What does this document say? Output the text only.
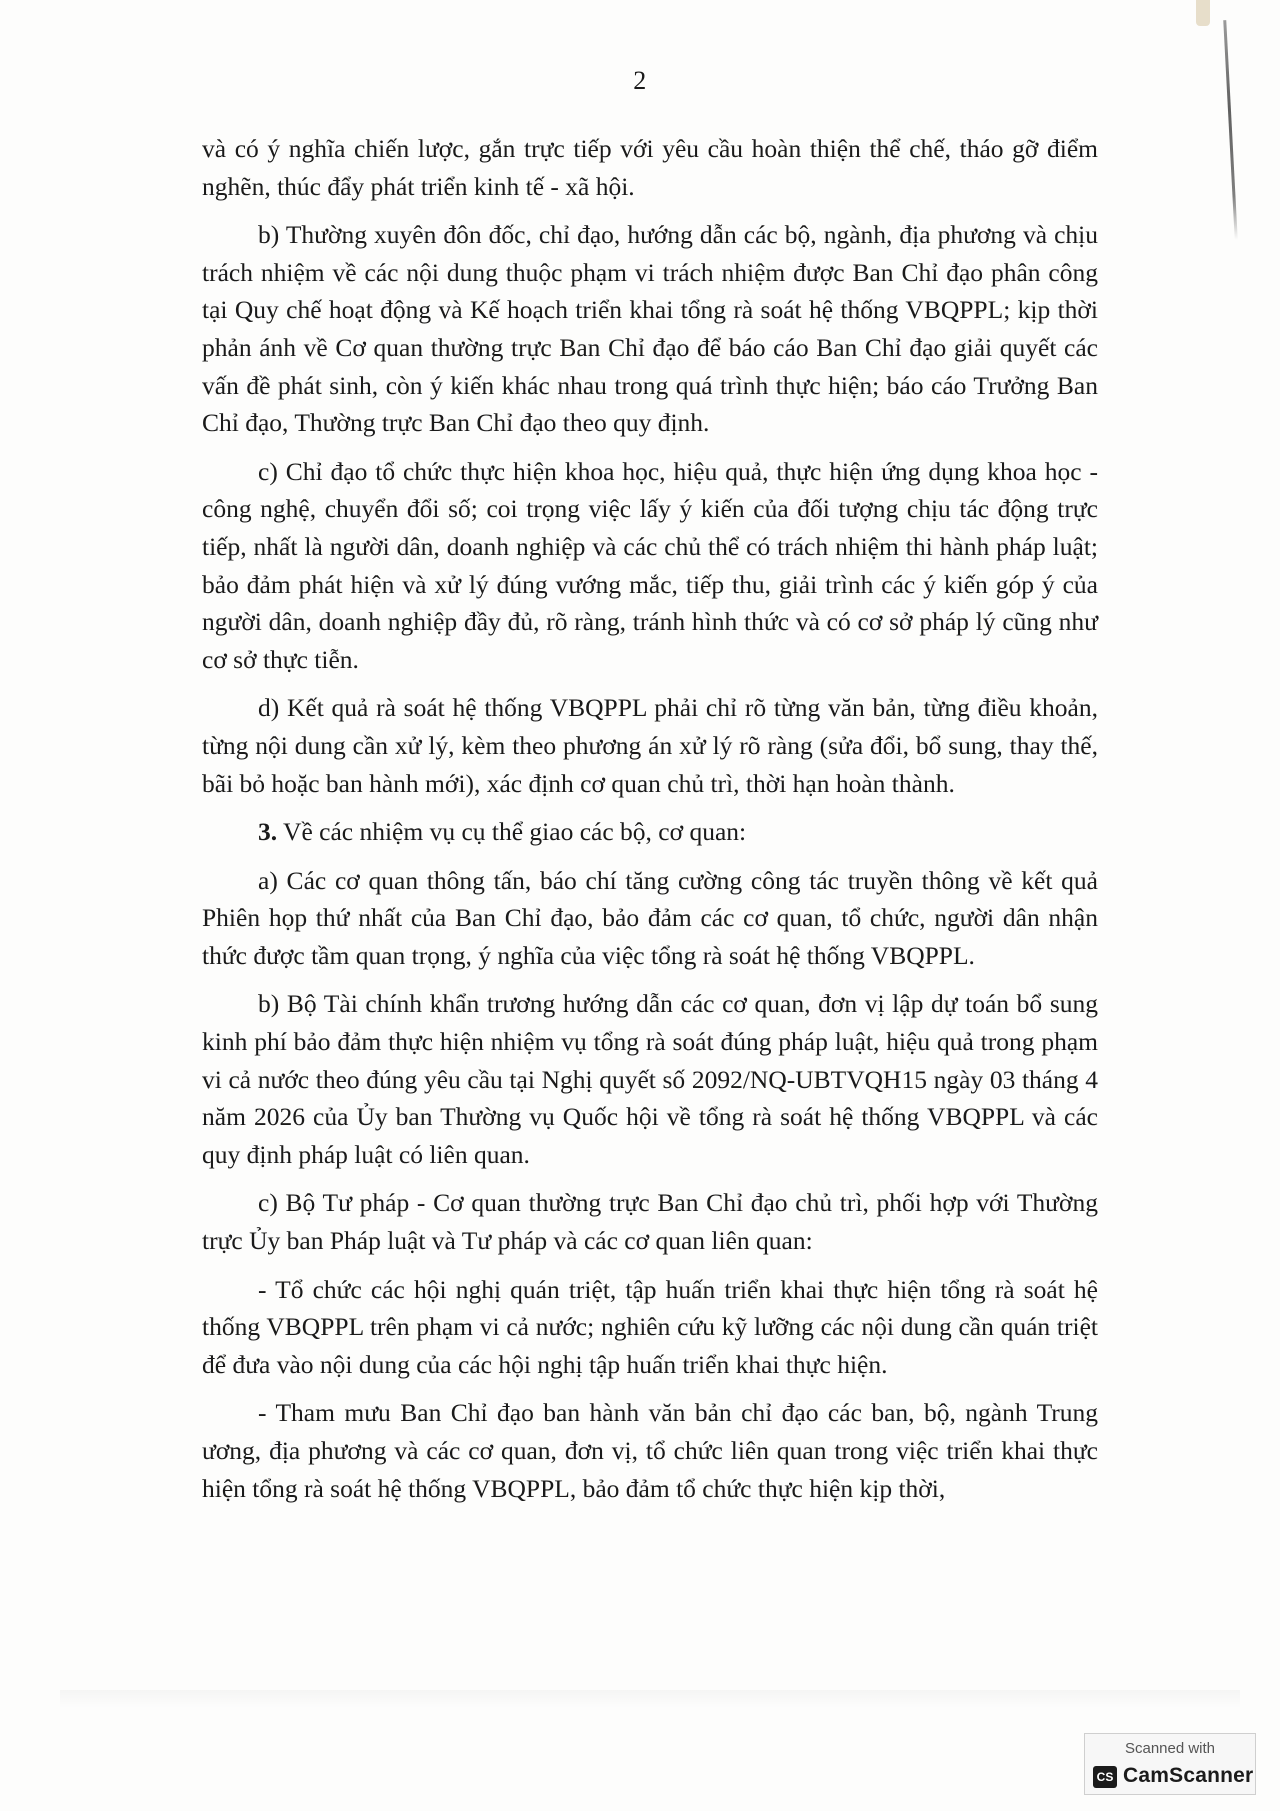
2

và có ý nghĩa chiến lược, gắn trực tiếp với yêu cầu hoàn thiện thể chế, tháo gỡ điểm nghẽn, thúc đẩy phát triển kinh tế - xã hội.

b) Thường xuyên đôn đốc, chỉ đạo, hướng dẫn các bộ, ngành, địa phương và chịu trách nhiệm về các nội dung thuộc phạm vi trách nhiệm được Ban Chỉ đạo phân công tại Quy chế hoạt động và Kế hoạch triển khai tổng rà soát hệ thống VBQPPL; kịp thời phản ánh về Cơ quan thường trực Ban Chỉ đạo để báo cáo Ban Chỉ đạo giải quyết các vấn đề phát sinh, còn ý kiến khác nhau trong quá trình thực hiện; báo cáo Trưởng Ban Chỉ đạo, Thường trực Ban Chỉ đạo theo quy định.

c) Chỉ đạo tổ chức thực hiện khoa học, hiệu quả, thực hiện ứng dụng khoa học - công nghệ, chuyển đổi số; coi trọng việc lấy ý kiến của đối tượng chịu tác động trực tiếp, nhất là người dân, doanh nghiệp và các chủ thể có trách nhiệm thi hành pháp luật; bảo đảm phát hiện và xử lý đúng vướng mắc, tiếp thu, giải trình các ý kiến góp ý của người dân, doanh nghiệp đầy đủ, rõ ràng, tránh hình thức và có cơ sở pháp lý cũng như cơ sở thực tiễn.

d) Kết quả rà soát hệ thống VBQPPL phải chỉ rõ từng văn bản, từng điều khoản, từng nội dung cần xử lý, kèm theo phương án xử lý rõ ràng (sửa đổi, bổ sung, thay thế, bãi bỏ hoặc ban hành mới), xác định cơ quan chủ trì, thời hạn hoàn thành.

3. Về các nhiệm vụ cụ thể giao các bộ, cơ quan:

a) Các cơ quan thông tấn, báo chí tăng cường công tác truyền thông về kết quả Phiên họp thứ nhất của Ban Chỉ đạo, bảo đảm các cơ quan, tổ chức, người dân nhận thức được tầm quan trọng, ý nghĩa của việc tổng rà soát hệ thống VBQPPL.

b) Bộ Tài chính khẩn trương hướng dẫn các cơ quan, đơn vị lập dự toán bổ sung kinh phí bảo đảm thực hiện nhiệm vụ tổng rà soát đúng pháp luật, hiệu quả trong phạm vi cả nước theo đúng yêu cầu tại Nghị quyết số 2092/NQ-UBTVQH15 ngày 03 tháng 4 năm 2026 của Ủy ban Thường vụ Quốc hội về tổng rà soát hệ thống VBQPPL và các quy định pháp luật có liên quan.

c) Bộ Tư pháp - Cơ quan thường trực Ban Chỉ đạo chủ trì, phối hợp với Thường trực Ủy ban Pháp luật và Tư pháp và các cơ quan liên quan:

- Tổ chức các hội nghị quán triệt, tập huấn triển khai thực hiện tổng rà soát hệ thống VBQPPL trên phạm vi cả nước; nghiên cứu kỹ lưỡng các nội dung cần quán triệt để đưa vào nội dung của các hội nghị tập huấn triển khai thực hiện.

- Tham mưu Ban Chỉ đạo ban hành văn bản chỉ đạo các ban, bộ, ngành Trung ương, địa phương và các cơ quan, đơn vị, tổ chức liên quan trong việc triển khai thực hiện tổng rà soát hệ thống VBQPPL, bảo đảm tổ chức thực hiện kịp thời,

Scanned with
CS CamScanner
